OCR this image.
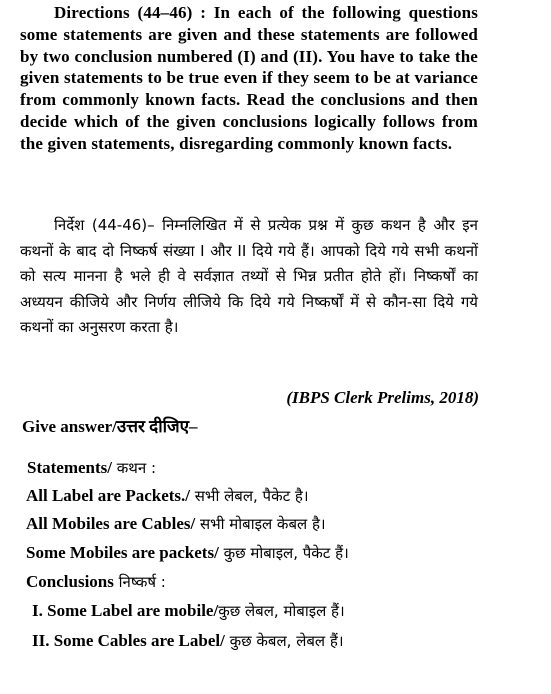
Directions (44–46) : In each of the following questions some statements are given and these statements are followed by two conclusion numbered (I) and (II). You have to take the given statements to be true even if they seem to be at variance from commonly known facts. Read the conclusions and then decide which of the given conclusions logically follows from the given statements, disregarding commonly known facts.

निर्देश (44-46)– निम्नलिखित में से प्रत्येक प्रश्न में कुछ कथन है और इन कथनों के बाद दो निष्कर्ष संख्या I और II दिये गये हैं। आपको दिये गये सभी कथनों को सत्य मानना है भले ही वे सर्वज्ञात तथ्यों से भिन्न प्रतीत होते हों। निष्कर्षों का अध्ययन कीजिये और निर्णय लीजिये कि दिये गये निष्कर्षों में से कौन-सा दिये गये कथनों का अनुसरण करता है।

(IBPS Clerk Prelims, 2018)

Give answer/उत्तर दीजिए–

Statements/ कथन :

All Label are Packets./ सभी लेबल, पैकेट है।

All Mobiles are Cables/ सभी मोबाइल केबल है।

Some Mobiles are packets/ कुछ मोबाइल, पैकेट हैं।

Conclusions निष्कर्ष :

I. Some Label are mobile/कुछ लेबल, मोबाइल हैं।

II. Some Cables are Label/ कुछ केबल, लेबल हैं।
